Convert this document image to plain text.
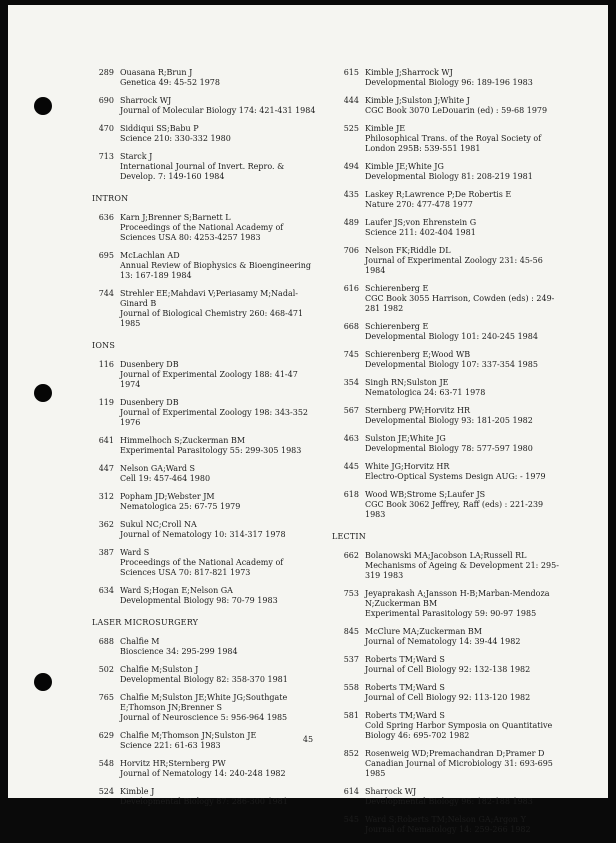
289 Ouasana R;Brun J
Genetica 49: 45-52 1978
690 Sharrock WJ
Journal of Molecular Biology 174: 421-431 1984
470 Siddiqui SS;Babu P
Science 210: 330-332 1980
713 Starck J
International Journal of Invert. Repro. & Develop. 7: 149-160 1984
INTRON
636 Karn J;Brenner S;Barnett L
Proceedings of the National Academy of Sciences USA 80: 4253-4257 1983
695 McLachlan AD
Annual Review of Biophysics & Bioengineering 13: 167-189 1984
744 Strehler EE;Mahdavi V;Periasamy M;Nadal-Ginard B
Journal of Biological Chemistry 260: 468-471 1985
IONS
116 Dusenbery DB
Journal of Experimental Zoology 188: 41-47 1974
119 Dusenbery DB
Journal of Experimental Zoology 198: 343-352 1976
641 Himmelhoch S;Zuckerman BM
Experimental Parasitology 55: 299-305 1983
447 Nelson GA;Ward S
Cell 19: 457-464 1980
312 Popham JD;Webster JM
Nematologica 25: 67-75 1979
362 Sukul NC;Croll NA
Journal of Nematology 10: 314-317 1978
387 Ward S
Proceedings of the National Academy of Sciences USA 70: 817-821 1973
634 Ward S;Hogan E;Nelson GA
Developmental Biology 98: 70-79 1983
LASER MICROSURGERY
688 Chalfie M
Bioscience 34: 295-299 1984
502 Chalfie M;Sulston J
Developmental Biology 82: 358-370 1981
765 Chalfie M;Sulston JE;White JG;Southgate E;Thomson JN;Brenner S
Journal of Neuroscience 5: 956-964 1985
629 Chalfie M;Thomson JN;Sulston JE
Science 221: 61-63 1983
548 Horvitz HR;Sternberg PW
Journal of Nematology 14: 240-248 1982
524 Kimble J
Developmental Biology 87: 286-300 1981
615 Kimble J;Sharrock WJ
Developmental Biology 96: 189-196 1983
444 Kimble J;Sulston J;White J
CGC Book 3070 LeDouarin (ed) : 59-68 1979
525 Kimble JE
Philosophical Trans. of the Royal Society of London 295B: 539-551 1981
494 Kimble JE;White JG
Developmental Biology 81: 208-219 1981
435 Laskey R;Lawrence P;De Robertis E
Nature 270: 477-478 1977
489 Laufer JS;von Ehrenstein G
Science 211: 402-404 1981
706 Nelson FK;Riddle DL
Journal of Experimental Zoology 231: 45-56 1984
616 Schierenberg E
CGC Book 3055 Harrison, Cowden (eds) : 249-281 1982
668 Schierenberg E
Developmental Biology 101: 240-245 1984
745 Schierenberg E;Wood WB
Developmental Biology 107: 337-354 1985
354 Singh RN;Sulston JE
Nematologica 24: 63-71 1978
567 Sternberg PW;Horvitz HR
Developmental Biology 93: 181-205 1982
463 Sulston JE;White JG
Developmental Biology 78: 577-597 1980
445 White JG;Horvitz HR
Electro-Optical Systems Design AUG: - 1979
618 Wood WB;Strome S;Laufer JS
CGC Book 3062 Jeffrey, Raff (eds) : 221-239 1983
LECTIN
662 Bolanowski MA;Jacobson LA;Russell RL
Mechanisms of Ageing & Development 21: 295-319 1983
753 Jeyaprakash A;Jansson H-B;Marban-Mendoza N;Zuckerman BM
Experimental Parasitology 59: 90-97 1985
845 McClure MA;Zuckerman BM
Journal of Nematology 14: 39-44 1982
537 Roberts TM;Ward S
Journal of Cell Biology 92: 132-138 1982
558 Roberts TM;Ward S
Journal of Cell Biology 92: 113-120 1982
581 Roberts TM;Ward S
Cold Spring Harbor Symposia on Quantitative Biology 46: 695-702 1982
852 Rosenweig WD;Premachandran D;Pramer D
Canadian Journal of Microbiology 31: 693-695 1985
614 Sharrock WJ
Developmental Biology 96: 182-188 1983
545 Ward S;Roberts TM;Nelson GA;Argon Y
Journal of Nematology 14: 259-266 1982
45
